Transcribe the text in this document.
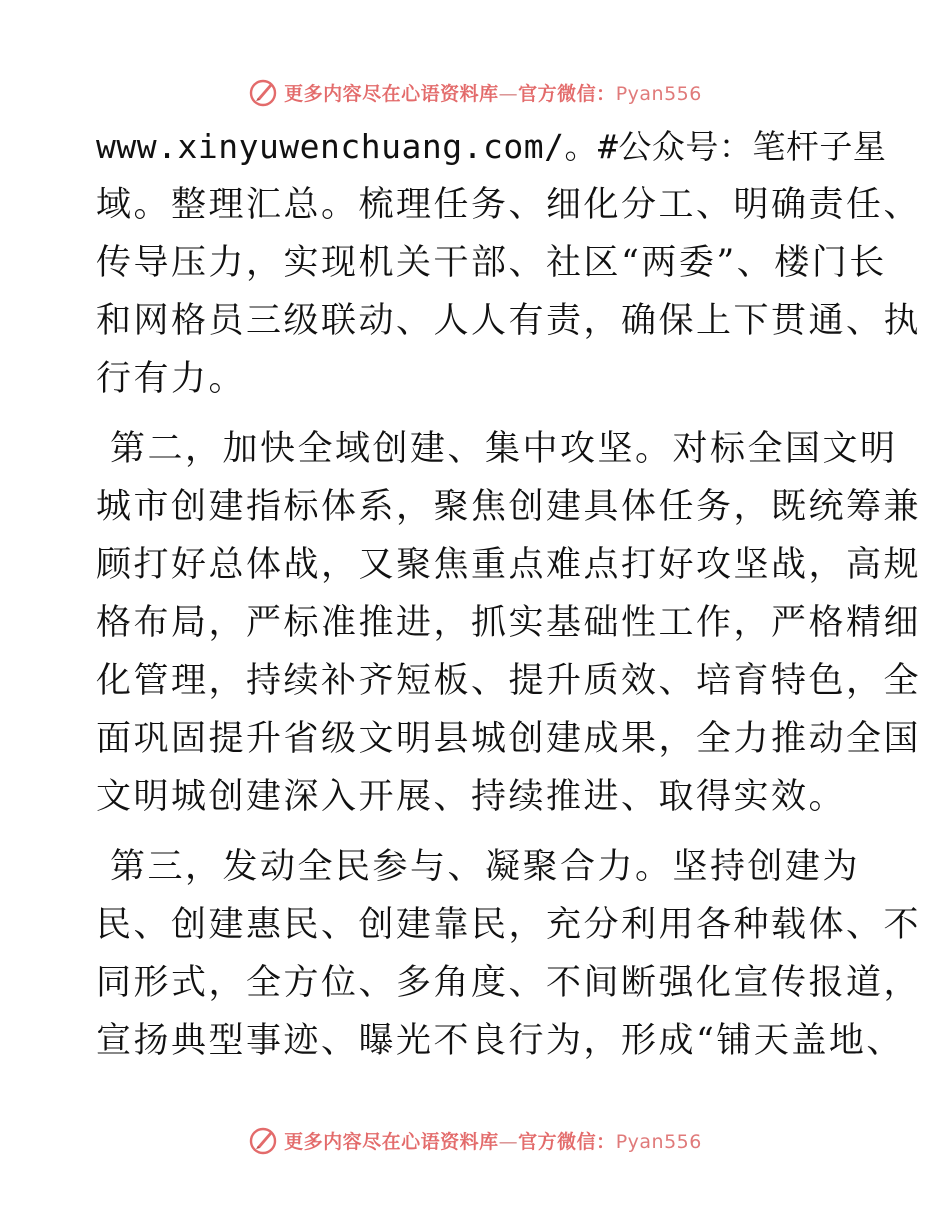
更多内容尽在心语资料库—官方微信：Pyan556
www.xinyuwenchuang.com/。#公众号：笔杆子星
域。整理汇总。梳理任务、细化分工、明确责任、
传导压力，实现机关干部、社区“两委”、楼门长
和网格员三级联动、人人有责，确保上下贯通、执
行有力。
第二，加快全域创建、集中攻坚。对标全国文明
城市创建指标体系，聚焦创建具体任务，既统筹兼
顾打好总体战，又聚焦重点难点打好攻坚战，高规
格布局，严标准推进，抓实基础性工作，严格精细
化管理，持续补齐短板、提升质效、培育特色，全
面巩固提升省级文明县城创建成果，全力推动全国
文明城创建深入开展、持续推进、取得实效。
第三，发动全民参与、凝聚合力。坚持创建为
民、创建惠民、创建靠民，充分利用各种载体、不
同形式，全方位、多角度、不间断强化宣传报道，
宣扬典型事迹、曝光不良行为，形成“铺天盖地、
更多内容尽在心语资料库—官方微信：Pyan556
